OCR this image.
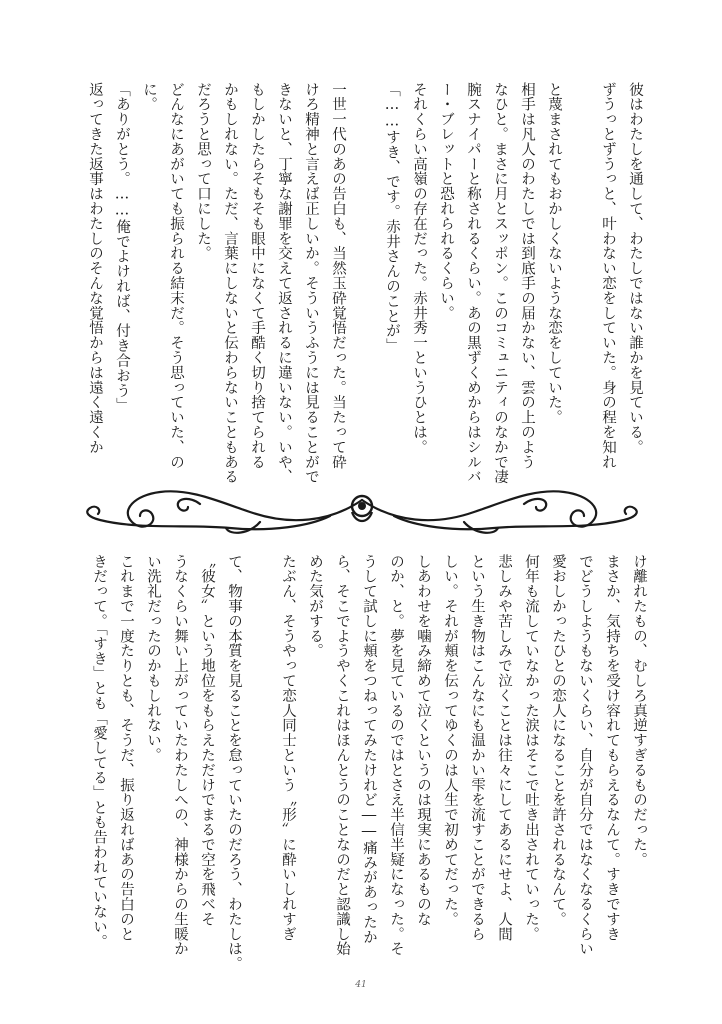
彼はわたしを通して、わたしではない誰かを見ている。
ずうっとずうっと、叶わない恋をしていた。身の程を知れ
と蔑まされてもおかしくないような恋をしていた。
相手は凡人のわたしでは到底手の届かない、雲の上のよう
なひと。まさに月とスッポン。このコミュニティのなかで凄
腕スナイパーと称されるくらい。あの黒ずくめからはシルバ
ー・ブレットと恐れられるくらい。
それくらい高嶺の存在だった。赤井秀一というひとは。
「……すき、です。赤井さんのことが」
一世一代のあの告白も、当然玉砕覚悟だった。当たって砕
けろ精神と言えば正しいか。そういうふうには見ることがで
きないと、丁寧な謝罪を交えて返されるに違いない。いや、
もしかしたらそもそも眼中になくて手酷く切り捨てられる
かもしれない。ただ、言葉にしないと伝わらないこともある
だろうと思って口にした。
どんなにあがいても振られる結末だ。そう思っていた、の
に。
「ありがとう。……俺でよければ、付き合おう」
返ってきた返事はわたしのそんな覚悟からは遠く遠くか
け離れたもの、むしろ真逆すぎるものだった。
まさか、気持ちを受け容れてもらえるなんて。すきですき
でどうしようもないくらい、自分が自分ではなくなるくらい
愛おしかったひとの恋人になることを許されるなんて。
何年も流していなかった涙はそこで吐き出されていった。
悲しみや苦しみで泣くことは往々にしてあるにせよ、人間
という生き物はこんなにも温かい雫を流すことができるら
しい。それが頬を伝ってゆくのは人生で初めてだった。
しあわせを噛み締めて泣くというのは現実にあるものな
のか、と。夢を見ているのではとさえ半信半疑になった。そ
うして試しに頬をつねってみたけれど――痛みがあったか
ら、そこでようやくこれはほんとうのことなのだと認識し始
めた気がする。
たぶん、そうやって恋人同士という〝形〟に酔いしれすぎ
て、物事の本質を見ることを怠っていたのだろう、わたしは。
〝彼女〟という地位をもらえただけでまるで空を飛べそ
うなくらい舞い上がっていたわたしへの、神様からの生暖か
い洗礼だったのかもしれない。
これまで一度たりとも、そうだ、振り返ればあの告白のと
きだって。「すき」とも「愛してる」とも告われていない。
41
